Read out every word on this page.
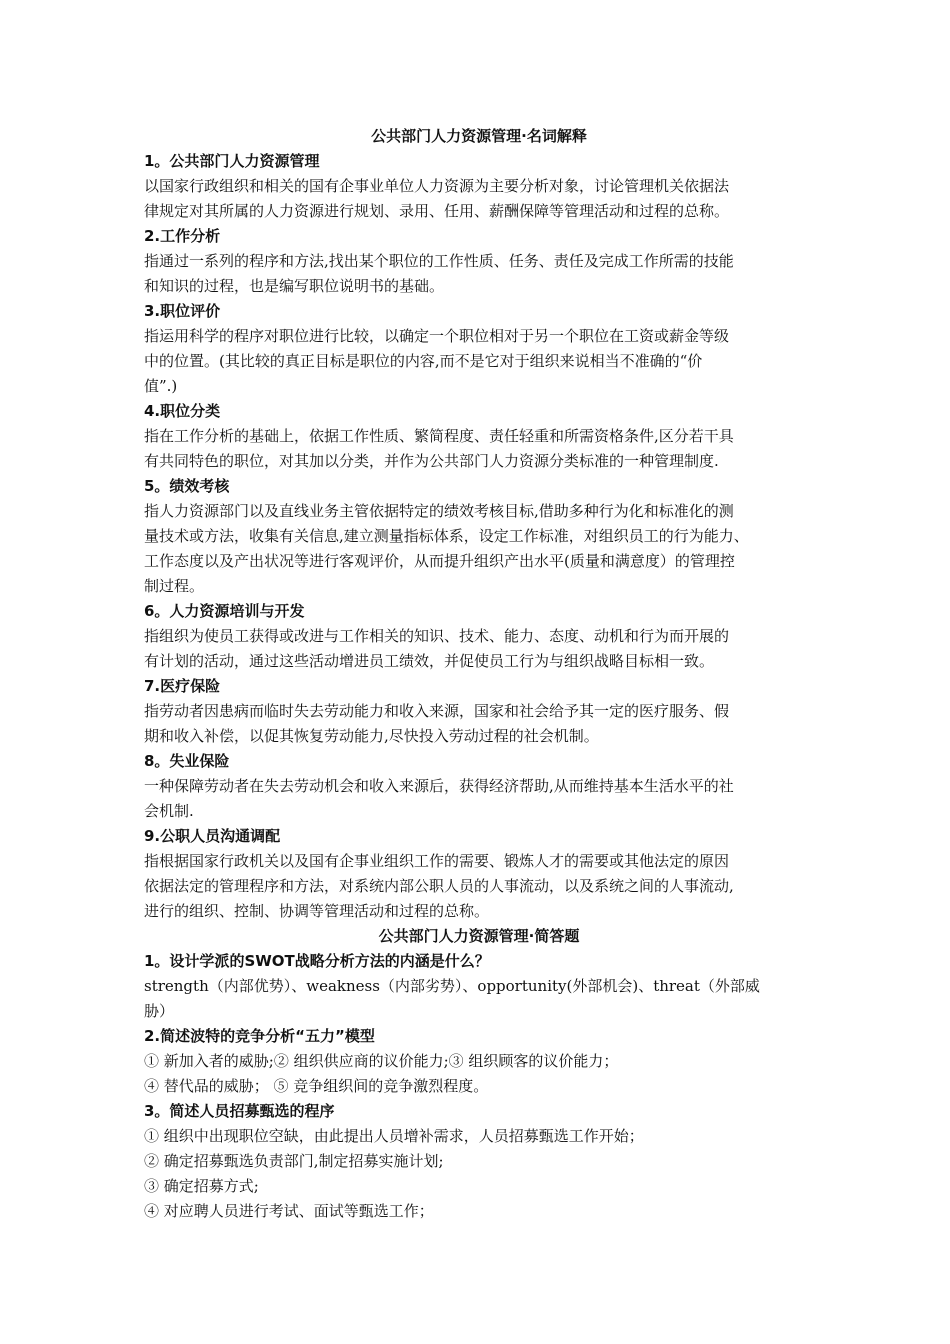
公共部门人力资源管理·名词解释
1。公共部门人力资源管理
以国家行政组织和相关的国有企事业单位人力资源为主要分析对象，讨论管理机关依据法
律规定对其所属的人力资源进行规划、录用、任用、薪酬保障等管理活动和过程的总称。
2.工作分析
指通过一系列的程序和方法,找出某个职位的工作性质、任务、责任及完成工作所需的技能
和知识的过程，也是编写职位说明书的基础。
3.职位评价
指运用科学的程序对职位进行比较，以确定一个职位相对于另一个职位在工资或薪金等级
中的位置。(其比较的真正目标是职位的内容,而不是它对于组织来说相当不准确的“价
值”.)
4.职位分类
指在工作分析的基础上，依据工作性质、繁简程度、责任轻重和所需资格条件,区分若干具
有共同特色的职位，对其加以分类，并作为公共部门人力资源分类标准的一种管理制度.
5。绩效考核
指人力资源部门以及直线业务主管依据特定的绩效考核目标,借助多种行为化和标准化的测
量技术或方法，收集有关信息,建立测量指标体系，设定工作标准，对组织员工的行为能力、
工作态度以及产出状况等进行客观评价，从而提升组织产出水平(质量和满意度）的管理控
制过程。
6。人力资源培训与开发
指组织为使员工获得或改进与工作相关的知识、技术、能力、态度、动机和行为而开展的
有计划的活动，通过这些活动增进员工绩效，并促使员工行为与组织战略目标相一致。
7.医疗保险
指劳动者因患病而临时失去劳动能力和收入来源，国家和社会给予其一定的医疗服务、假
期和收入补偿，以促其恢复劳动能力,尽快投入劳动过程的社会机制。
8。失业保险
一种保障劳动者在失去劳动机会和收入来源后，获得经济帮助,从而维持基本生活水平的社
会机制.
9.公职人员沟通调配
指根据国家行政机关以及国有企事业组织工作的需要、锻炼人才的需要或其他法定的原因
依据法定的管理程序和方法，对系统内部公职人员的人事流动，以及系统之间的人事流动,
进行的组织、控制、协调等管理活动和过程的总称。
公共部门人力资源管理·简答题
1。设计学派的SWOT战略分析方法的内涵是什么？
strength（内部优势）、weakness（内部劣势）、opportunity(外部机会)、threat（外部威
胁）
2.简述波特的竞争分析“五力”模型
① 新加入者的威胁;② 组织供应商的议价能力;③ 组织顾客的议价能力；
④ 替代品的威胁； ⑤ 竞争组织间的竞争激烈程度。
3。简述人员招募甄选的程序
① 组织中出现职位空缺，由此提出人员增补需求，人员招募甄选工作开始；
② 确定招募甄选负责部门,制定招募实施计划;
③ 确定招募方式;
④ 对应聘人员进行考试、面试等甄选工作；
